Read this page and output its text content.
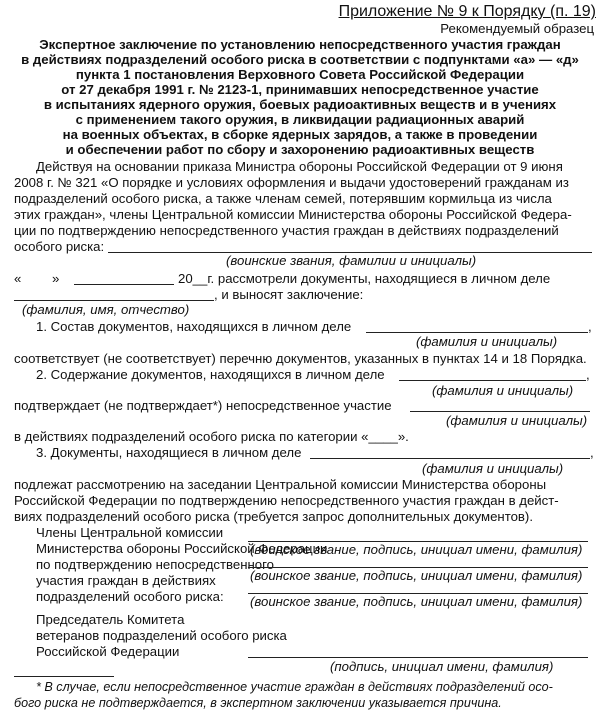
Приложение № 9 к Порядку (п. 19)
Рекомендуемый образец
Экспертное заключение по установлению непосредственного участия граждан
в действиях подразделений особого риска в соответствии с подпунктами «а» — «д»
пункта 1 постановления Верховного Совета Российской Федерации
от 27 декабря 1991 г. № 2123-1, принимавших непосредственное участие
в испытаниях ядерного оружия, боевых радиоактивных веществ и в учениях
с применением такого оружия, в ликвидации радиационных аварий
на военных объектах, в сборке ядерных зарядов, а также в проведении
и обеспечении работ по сбору и захоронению радиоактивных веществ
Действуя на основании приказа Министра обороны Российской Федерации от 9 июня
2008 г. № 321 «О порядке и условиях оформления и выдачи удостоверений гражданам из
подразделений особого риска, а также членам семей, потерявшим кормильца из числа
этих граждан», члены Центральной комиссии Министерства обороны Российской Федера-
ции по подтверждению непосредственного участия граждан в действиях подразделений
особого риска:
(воинские звания, фамилии и инициалы)
« »	20__г. рассмотрели документы, находящиеся в личном деле
, и выносят заключение:
(фамилия, имя, отчество)
1. Состав документов, находящихся в личном деле	,
(фамилия и инициалы)
соответствует (не соответствует) перечню документов, указанных в пунктах 14 и 18 Порядка.
2. Содержание документов, находящихся в личном деле	,
(фамилия и инициалы)
подтверждает (не подтверждает*) непосредственное участие
(фамилия и инициалы)
в действиях подразделений особого риска по категории «____».
3. Документы, находящиеся в личном деле	,
(фамилия и инициалы)
подлежат рассмотрению на заседании Центральной комиссии Министерства обороны
Российской Федерации по подтверждению непосредственного участия граждан в дейст-
виях подразделений особого риска (требуется запрос дополнительных документов).
Члены Центральной комиссии
Министерства обороны Российской Федерации
по подтверждению непосредственного
участия граждан в действиях
подразделений особого риска:
(воинское звание, подпись, инициал имени, фамилия)
(воинское звание, подпись, инициал имени, фамилия)
(воинское звание, подпись, инициал имени, фамилия)
* В случае, если непосредственное участие граждан в действиях подразделений осо-
бого риска не подтверждается, в экспертном заключении указывается причина.
Председатель Комитета
ветеранов подразделений особого риска
Российской Федерации
(подпись, инициал имени, фамилия)
